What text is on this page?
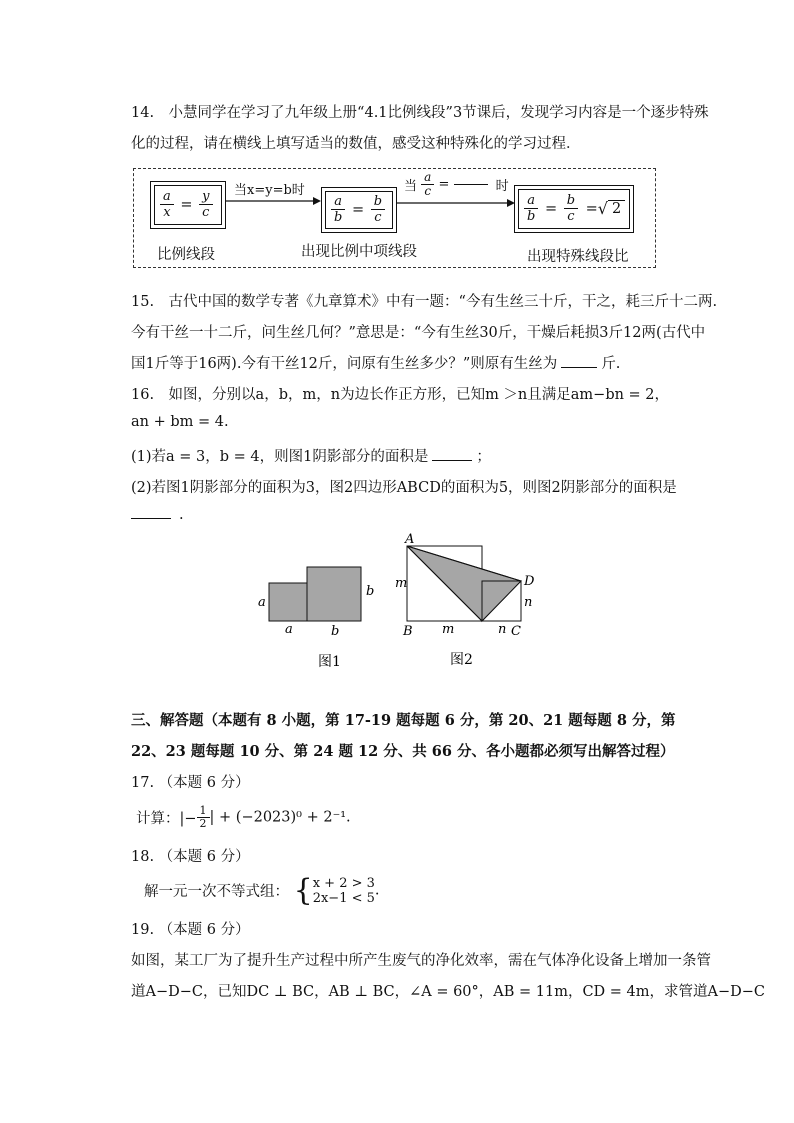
14.　小慧同学在学习了九年级上册“4.1比例线段”3节课后，发现学习内容是一个逐步特殊
化的过程，请在横线上填写适当的数值，感受这种特殊化的学习过程．
$\frac{a}{x} = \frac{y}{c}$
比例线段
当x=y=b时
$\frac{a}{b} = \frac{b}{c}$
出现比例中项线段
当 $\frac{a}{c}$ =	时
$\frac{a}{b} = \frac{b}{c}$ =√ 2
出现特殊线段比
15.　古代中国的数学专著《九章算术》中有一题：“今有生丝三十斤，干之，耗三斤十二两.
今有干丝一十二斤，问生丝几何？”意思是：“今有生丝30斤，干燥后耗损3斤12两(古代中
国1斤等于16两).今有干丝12斤，问原有生丝多少？”则原有生丝为	斤.
16.　如图，分别以a，b，m，n为边长作正方形，已知m ＞n且满足am−bn = 2，
an + bm = 4.
(1)若a = 3，b = 4，则图1阴影部分的面积是	；
(2)若图1阴影部分的面积为3，图2四边形ABCD的面积为5，则图2阴影部分的面积是
.
a
a	b
b
图1
A
B	C
D
m
m	n
n
图2
三、解答题（本题有 8 小题，第 17-19 题每题 6 分，第 20、21 题每题 8 分，第
22、23 题每题 10 分、第 24 题 12 分、共 66 分、各小题都必须写出解答过程）
17. （本题 6 分）
计算：|− $\frac{1}{2}$ | + (−2023)⁰ + 2⁻¹.
18. （本题 6 分）
解一元一次不等式组： { x + 2 > 3
2x−1 < 5 .
19. （本题 6 分）
如图，某工厂为了提升生产过程中所产生废气的净化效率，需在气体净化设备上增加一条管
道A−D−C，已知DC ⊥ BC，AB ⊥ BC，∠A = 60°，AB = 11m，CD = 4m，求管道A−D−C
